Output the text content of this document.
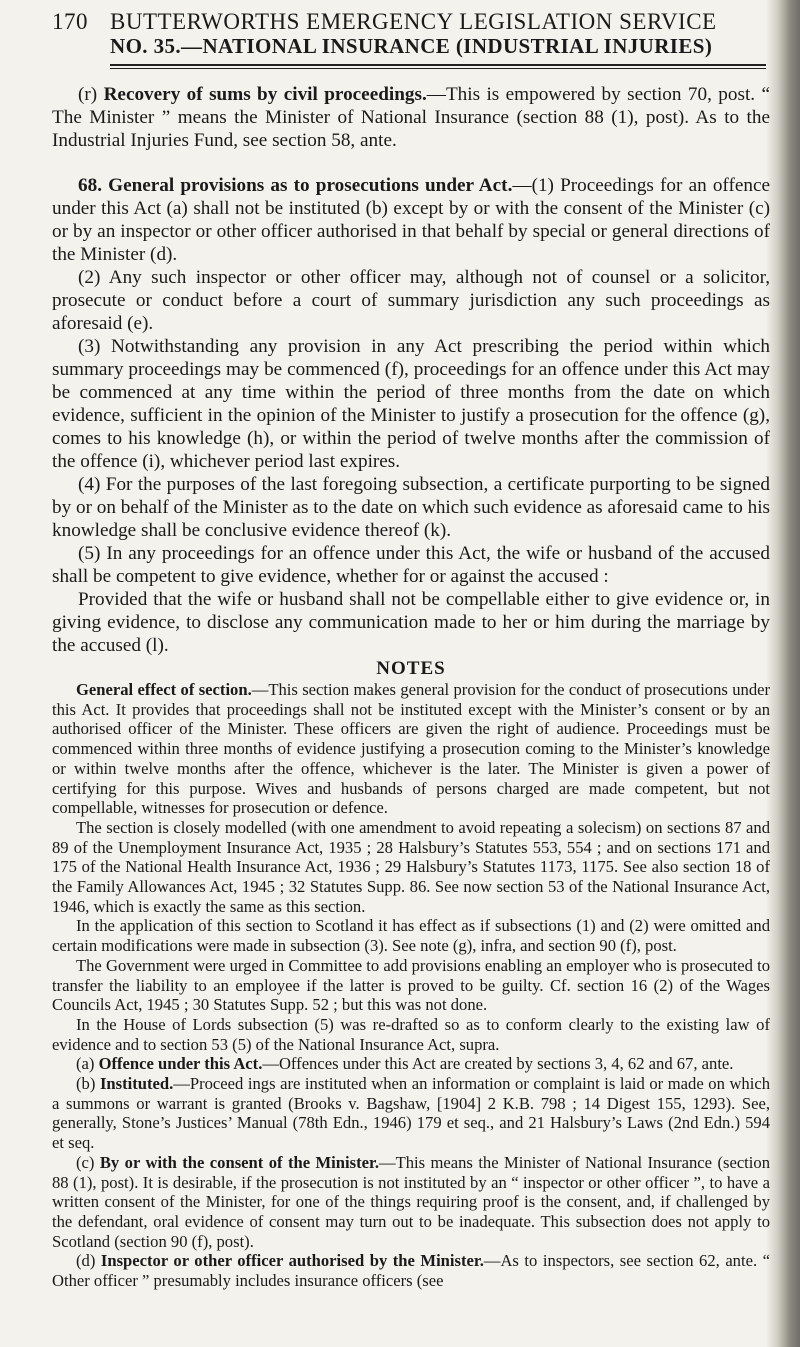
170 BUTTERWORTHS EMERGENCY LEGISLATION SERVICE
NO. 35.—NATIONAL INSURANCE (INDUSTRIAL INJURIES)

(r) Recovery of sums by civil proceedings.—This is empowered by section 70, post. “ The Minister ” means the Minister of National Insurance (section 88 (1), post). As to the Industrial Injuries Fund, see section 58, ante.

68. General provisions as to prosecutions under Act.—(1) Proceedings for an offence under this Act (a) shall not be instituted (b) except by or with the consent of the Minister (c) or by an inspector or other officer authorised in that behalf by special or general directions of the Minister (d).

(2) Any such inspector or other officer may, although not of counsel or a solicitor, prosecute or conduct before a court of summary jurisdiction any such proceedings as aforesaid (e).

(3) Notwithstanding any provision in any Act prescribing the period within which summary proceedings may be commenced (f), proceedings for an offence under this Act may be commenced at any time within the period of three months from the date on which evidence, sufficient in the opinion of the Minister to justify a prosecution for the offence (g), comes to his knowledge (h), or within the period of twelve months after the commission of the offence (i), whichever period last expires.

(4) For the purposes of the last foregoing subsection, a certificate purporting to be signed by or on behalf of the Minister as to the date on which such evidence as aforesaid came to his knowledge shall be conclusive evidence thereof (k).

(5) In any proceedings for an offence under this Act, the wife or husband of the accused shall be competent to give evidence, whether for or against the accused :

Provided that the wife or husband shall not be compellable either to give evidence or, in giving evidence, to disclose any communication made to her or him during the marriage by the accused (l).

NOTES

General effect of section.—This section makes general provision for the conduct of prosecutions under this Act. It provides that proceedings shall not be instituted except with the Minister’s consent or by an authorised officer of the Minister. These officers are given the right of audience. Proceedings must be commenced within three months of evidence justifying a prosecution coming to the Minister’s knowledge or within twelve months after the offence, whichever is the later. The Minister is given a power of certifying for this purpose. Wives and husbands of persons charged are made competent, but not compellable, witnesses for prosecution or defence.

The section is closely modelled (with one amendment to avoid repeating a solecism) on sections 87 and 89 of the Unemployment Insurance Act, 1935 ; 28 Halsbury’s Statutes 553, 554 ; and on sections 171 and 175 of the National Health Insurance Act, 1936 ; 29 Halsbury’s Statutes 1173, 1175. See also section 18 of the Family Allowances Act, 1945 ; 32 Statutes Supp. 86. See now section 53 of the National Insurance Act, 1946, which is exactly the same as this section.

In the application of this section to Scotland it has effect as if subsections (1) and (2) were omitted and certain modifications were made in subsection (3). See note (g), infra, and section 90 (f), post.

The Government were urged in Committee to add provisions enabling an employer who is prosecuted to transfer the liability to an employee if the latter is proved to be guilty. Cf. section 16 (2) of the Wages Councils Act, 1945 ; 30 Statutes Supp. 52 ; but this was not done.

In the House of Lords subsection (5) was re-drafted so as to conform clearly to the existing law of evidence and to section 53 (5) of the National Insurance Act, supra.

(a) Offence under this Act.—Offences under this Act are created by sections 3, 4, 62 and 67, ante.

(b) Instituted.—Proceed ings are instituted when an information or complaint is laid or made on which a summons or warrant is granted (Brooks v. Bagshaw, [1904] 2 K.B. 798 ; 14 Digest 155, 1293). See, generally, Stone’s Justices’ Manual (78th Edn., 1946) 179 et seq., and 21 Halsbury’s Laws (2nd Edn.) 594 et seq.

(c) By or with the consent of the Minister.—This means the Minister of National Insurance (section 88 (1), post). It is desirable, if the prosecution is not instituted by an “ inspector or other officer ”, to have a written consent of the Minister, for one of the things requiring proof is the consent, and, if challenged by the defendant, oral evidence of consent may turn out to be inadequate. This subsection does not apply to Scotland (section 90 (f), post).

(d) Inspector or other officer authorised by the Minister.—As to inspectors, see section 62, ante. “ Other officer ” presumably includes insurance officers (see
